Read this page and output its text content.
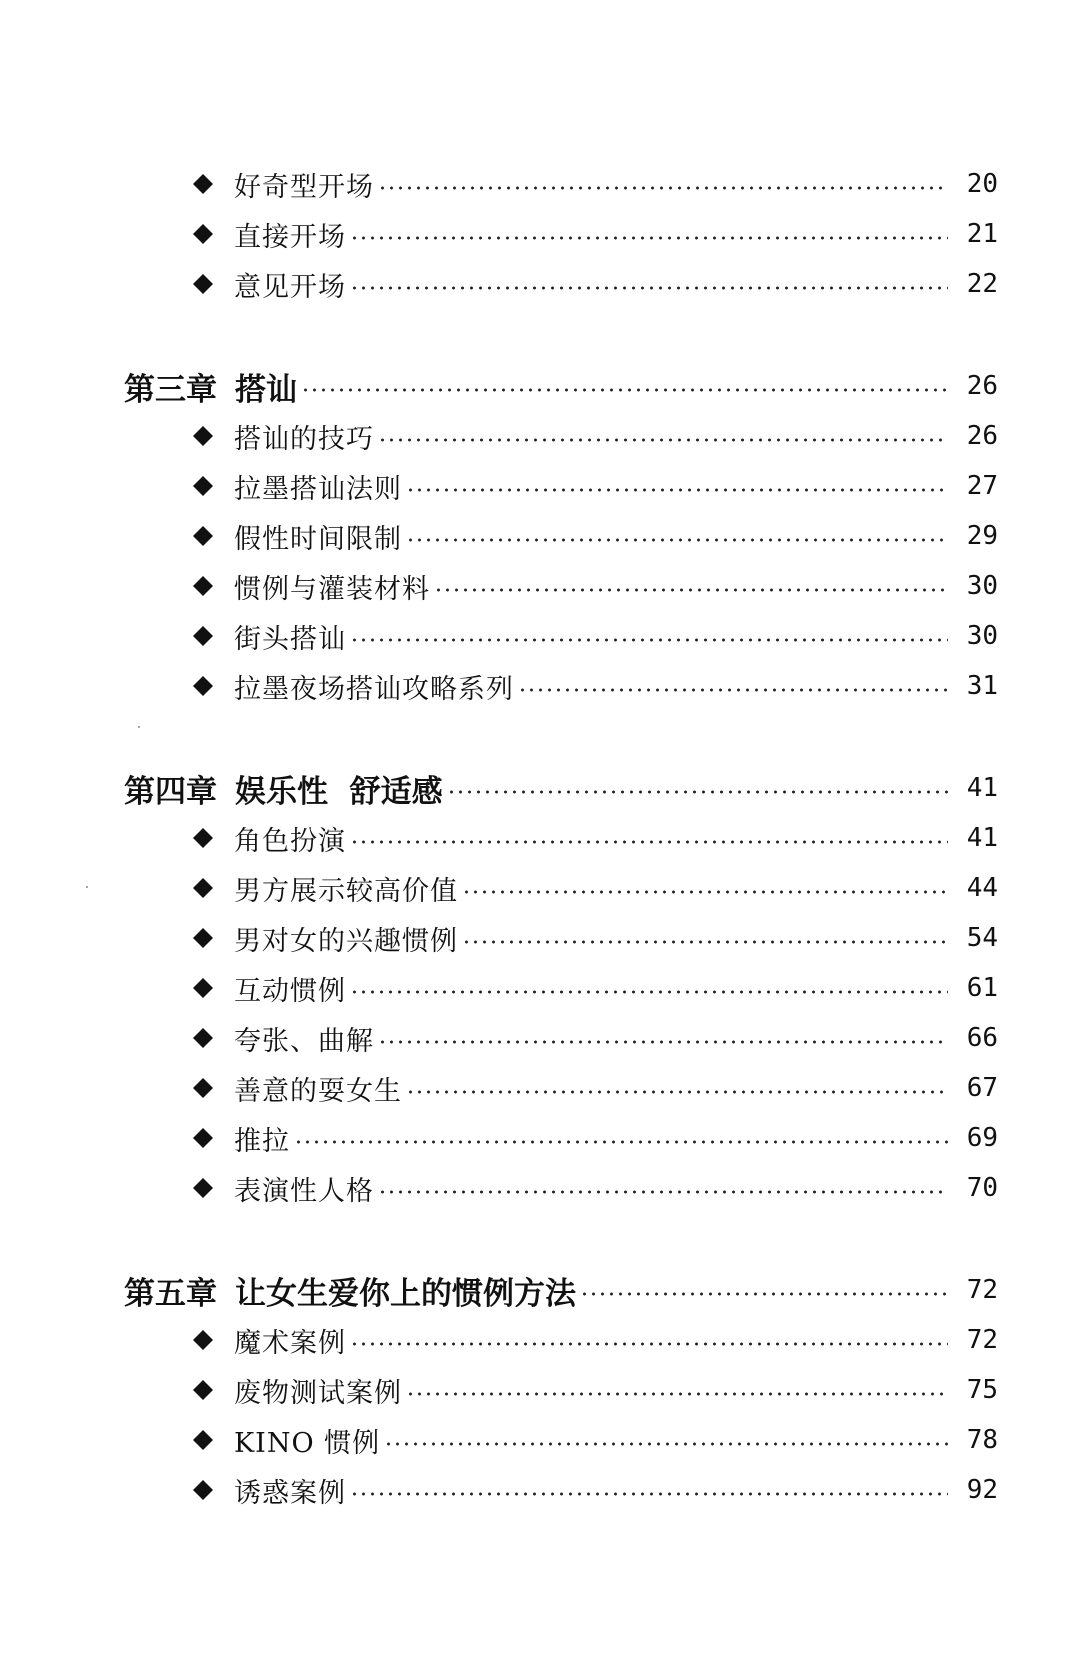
好奇型开场	20
直接开场	21
意见开场	22
第三章 搭讪	26
搭讪的技巧	26
拉墨搭讪法则	27
假性时间限制	29
惯例与灌装材料	30
街头搭讪	30
拉墨夜场搭讪攻略系列	31
第四章 娱乐性  舒适感	41
角色扮演	41
男方展示较高价值	44
男对女的兴趣惯例	54
互动惯例	61
夸张、曲解	66
善意的耍女生	67
推拉	69
表演性人格	70
第五章 让女生爱你上的惯例方法	72
魔术案例	72
废物测试案例	75
KINO 惯例	78
诱惑案例	92
